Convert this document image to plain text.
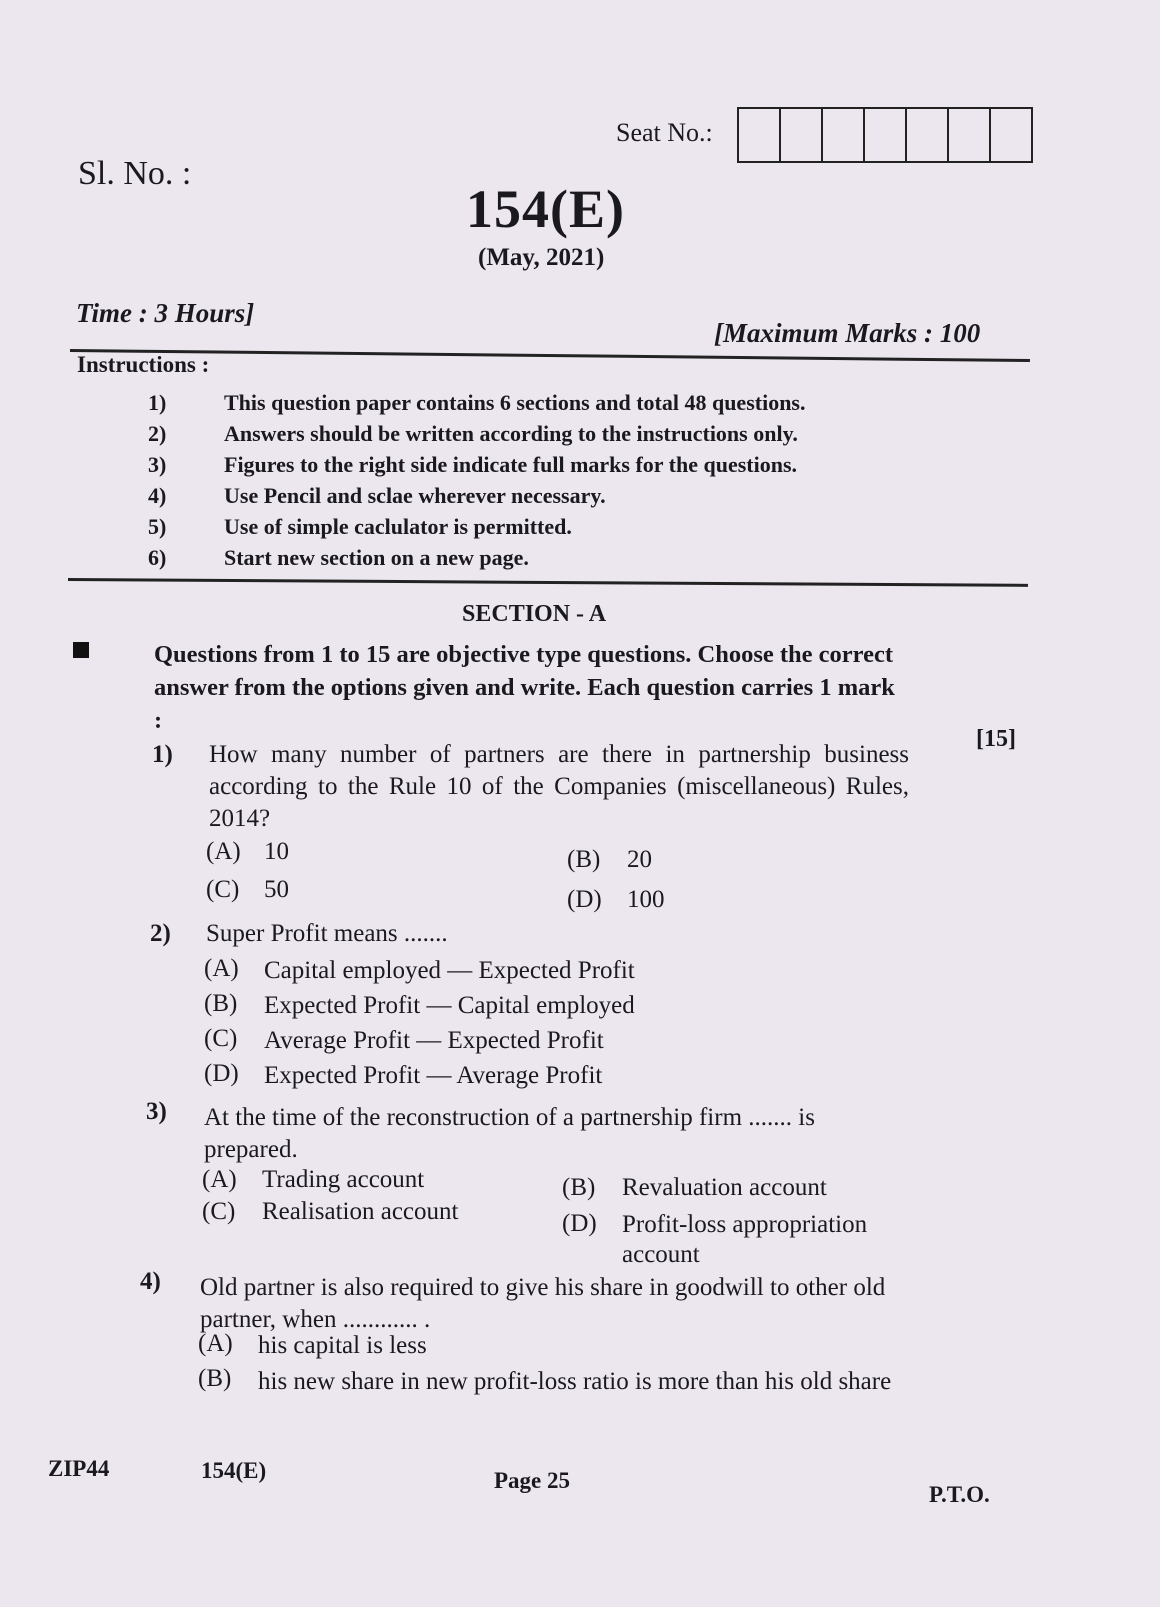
Seat No.:
Sl. No. :
154(E)
(May, 2021)
Time : 3 Hours]
[Maximum Marks : 100
Instructions :
1)	This question paper contains 6 sections and total 48 questions.
2)	Answers should be written according to the instructions only.
3)	Figures to the right side indicate full marks for the questions.
4)	Use Pencil and sclae wherever necessary.
5)	Use of simple caclulator is permitted.
6)	Start new section on a new page.
SECTION - A
Questions from 1 to 15 are objective type questions. Choose the correct answer from the options given and write. Each question carries 1 mark :
[15]
1) How many number of partners are there in partnership business according to the Rule 10 of the Companies (miscellaneous) Rules, 2014?
(A) 10	(B) 20
(C) 50	(D) 100
2) Super Profit means .......
(A) Capital employed — Expected Profit
(B) Expected Profit — Capital employed
(C) Average Profit — Expected Profit
(D) Expected Profit — Average Profit
3) At the time of the reconstruction of a partnership firm ....... is prepared.
(A) Trading account	(B) Revaluation account
(C) Realisation account	(D) Profit-loss appropriation account
4) Old partner is also required to give his share in goodwill to other old partner, when ............ .
(A) his capital is less
(B) his new share in new profit-loss ratio is more than his old share
ZIP44	154(E)	Page 25
P.T.O.
